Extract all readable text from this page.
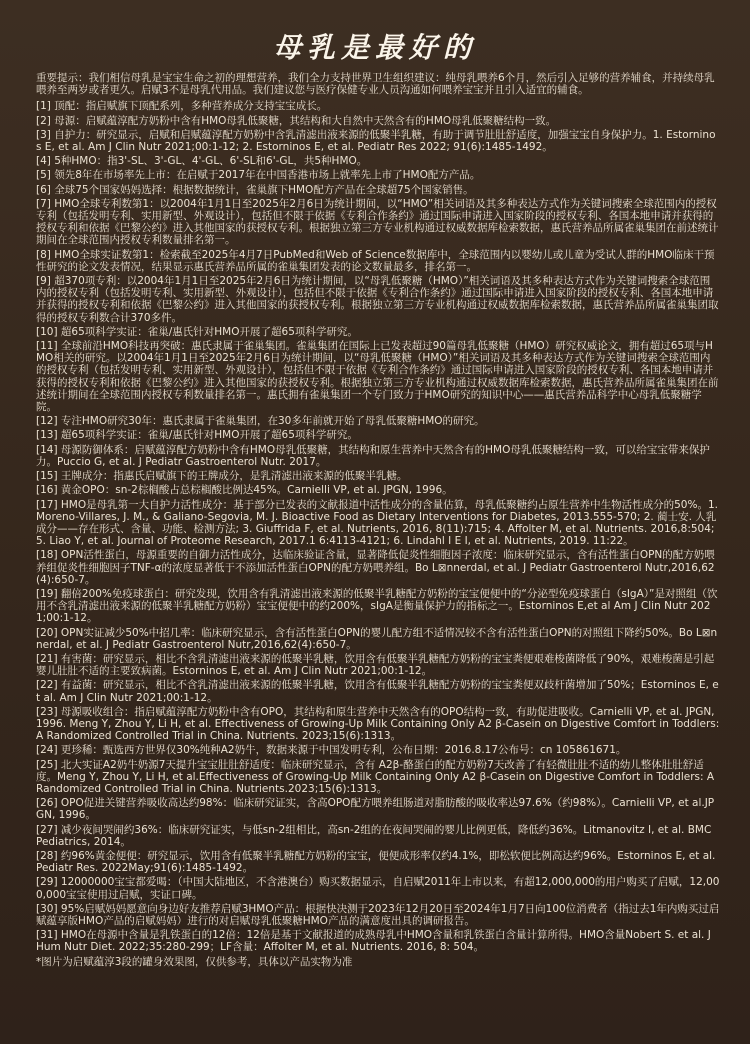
母乳是最好的

重要提示：我们相信母乳是宝宝生命之初的理想营养，我们全力支持世界卫生组织建议：纯母乳喂养6个月，然后引入足够的营养辅食，并持续母乳喂养至两岁或者更久。启赋3不是母乳代用品。我们建议您与医疗保健专业人员沟通如何喂养宝宝并且引入适宜的辅食。

[1] 顶配：指启赋旗下顶配系列，多种营养成分支持宝宝成长。

[2] 母源：启赋蕴淳配方奶粉中含有HMO母乳低聚糖，其结构和大自然中天然含有的HMO母乳低聚糖结构一致。

[3] 自护力：研究显示，启赋和启赋蕴淳配方奶粉中含乳清滤出液来源的低聚半乳糖，有助于调节肚肚舒适度，加强宝宝自身保护力。1. Estorninos E, et al. Am J Clin Nutr 2021;00:1-12; 2. Estorninos E, et al. Pediatr Res 2022; 91(6):1485-1492。

[4] 5种HMO：指3'-SL、3'-GL、4'-GL、6'-SL和6'-GL，共5种HMO。

[5] 领先8年在市场率先上市：在启赋于2017年在中国香港市场上就率先上市了HMO配方产品。

[6] 全球75个国家妈妈选择：根据数据统计，雀巢旗下HMO配方产品在全球超75个国家销售。

[7] HMO全球专利数第1：以2004年1月1日至2025年2月6日为统计期间，以“HMO”相关词语及其多种表达方式作为关键词搜索全球范围内的授权专利（包括发明专利、实用新型、外观设计），包括但不限于依据《专利合作条约》通过国际申请进入国家阶段的授权专利、各国本地申请并获得的授权专利和依据《巴黎公约》进入其他国家的获授权专利。根据独立第三方专业机构通过权威数据库检索数据，惠氏营养品所属雀巢集团在前述统计期间在全球范围内授权专利数量排名第一。

[8] HMO全球实证数第1：检索截至2025年4月7日PubMed和Web of Science数据库中，全球范围内以婴幼儿或儿童为受试人群的HMO临床干预性研究的论文发表情况，结果显示惠氏营养品所属的雀巢集团发表的论文数量最多，排名第一。

[9] 超370项专利：以2004年1月1日至2025年2月6日为统计期间，以“母乳低聚糖（HMO）”相关词语及其多种表达方式作为关键词搜索全球范围内的授权专利（包括发明专利、实用新型、外观设计），包括但不限于依据《专利合作条约》通过国际申请进入国家阶段的授权专利、各国本地申请并获得的授权专利和依据《巴黎公约》进入其他国家的获授权专利。根据独立第三方专业机构通过权威数据库检索数据，惠氏营养品所属雀巢集团取得的授权专利数合计370多件。

[10] 超65项科学实证：雀巢/惠氏针对HMO开展了超65项科学研究。

[11] 全球前沿HMO科技再突破：惠氏隶属于雀巢集团。雀巢集团在国际上已发表超过90篇母乳低聚糖（HMO）研究权威论文，拥有超过65项与HMO相关的研究。以2004年1月1日至2025年2月6日为统计期间，以“母乳低聚糖（HMO）”相关词语及其多种表达方式作为关键词搜索全球范围内的授权专利（包括发明专利、实用新型、外观设计），包括但不限于依据《专利合作条约》通过国际申请进入国家阶段的授权专利、各国本地申请并获得的授权专利和依据《巴黎公约》进入其他国家的获授权专利。根据独立第三方专业机构通过权威数据库检索数据，惠氏营养品所属雀巢集团在前述统计期间在全球范围内授权专利数量排名第一。惠氏拥有雀巢集团一个专门致力于HMO研究的知识中心——惠氏营养品科学中心母乳低聚糖学院。

[12] 专注HMO研究30年：惠氏隶属于雀巢集团，在30多年前就开始了母乳低聚糖HMO的研究。

[13] 超65项科学实证：雀巢/惠氏针对HMO开展了超65项科学研究。

[14] 母源防御体系：启赋蕴淳配方奶粉中含有HMO母乳低聚糖，其结构和原生营养中天然含有的HMO母乳低聚糖结构一致，可以给宝宝带来保护力。Puccio G, et al. J Pediatr Gastroenterol Nutr. 2017。

[15] 王牌成分：指惠氏启赋旗下的王牌成分，是乳清滤出液来源的低聚半乳糖。

[16] 黄金OPO：sn-2棕榈酸占总棕榈酸比例达45%。Carnielli VP, et al. JPGN, 1996。

[17] HMO是母乳第一大自护力活性成分：基于部分已发表的文献报道中活性成分的含量估算，母乳低聚糖约占原生营养中生物活性成分的50%。1. Moreno-Villares, J. M., & Galiano-Segovia, M. J. Bioactive Food as Dietary Interventions for Diabetes, 2013.555-570; 2. 蔺士安. 人乳成分——存在形式、含量、功能、检测方法; 3. Giuffrida F, et al. Nutrients, 2016, 8(11):715; 4. Affolter M, et al. Nutrients. 2016,8:504; 5. Liao Y, et al. Journal of Proteome Research, 2017.1 6:4113-4121; 6. Lindahl I E I, et al. Nutrients, 2019. 11:22。

[18] OPN活性蛋白，母源重要的自御力活性成分，达临床验证含量，显著降低促炎性细胞因子浓度：临床研究显示，含有活性蛋白OPN的配方奶喂养组促炎性细胞因子TNF-α的浓度显著低于不添加活性蛋白OPN的配方奶喂养组。Bo L⊠nnerdal, et al. J Pediatr Gastroenterol Nutr,2016,62(4):650-7。

[19] 翻倍200%免疫球蛋白：研究发现，饮用含有乳清滤出液来源的低聚半乳糖配方奶粉的宝宝便便中的“分泌型免疫球蛋白（sIgA）”是对照组（饮用不含乳清滤出液来源的低聚半乳糖配方奶粉）宝宝便便中的约200%，sIgA是衡量保护力的指标之一。Estorninos E,et al Am J Clin Nutr 2021;00:1-12。

[20] OPN实证减少50%中招几率：临床研究显示，含有活性蛋白OPN的婴儿配方组不适情况较不含有活性蛋白OPN的对照组下降约50%。Bo L⊠nnerdal, et al. J Pediatr Gastroenterol Nutr,2016,62(4):650-7。

[21] 有害菌：研究显示，相比不含乳清滤出液来源的低聚半乳糖，饮用含有低聚半乳糖配方奶粉的宝宝粪便艰难梭菌降低了90%，艰难梭菌是引起婴儿肚肚不适的主要致病菌。Estorninos E, et al. Am J Clin Nutr 2021;00:1-12。

[22] 有益菌：研究显示，相比不含乳清滤出液来源的低聚半乳糖，饮用含有低聚半乳糖配方奶粉的宝宝粪便双歧杆菌增加了50%；Estorninos E, et al. Am J Clin Nutr 2021;00:1-12。

[23] 母源吸收组合：指启赋蕴淳配方奶粉中含有OPO，其结构和原生营养中天然含有的OPO结构一致，有助促进吸收。Carnielli VP, et al. JPGN, 1996. Meng Y, Zhou Y, Li H, et al. Effectiveness of Growing-Up Milk Containing Only A2 β-Casein on Digestive Comfort in Toddlers: A Randomized Controlled Trial in China. Nutrients. 2023;15(6):1313。

[24] 更珍稀：甄选西方世界仅30%纯种A2奶牛，数据来源于中国发明专利，公布日期：2016.8.17公布号：cn 105861671。

[25] 北大实证A2奶牛奶源7天提升宝宝肚肚舒适度：临床研究显示，含有 A2β-酪蛋白的配方奶粉7天改善了有轻微肚肚不适的幼儿整体肚肚舒适度。Meng Y, Zhou Y, Li H, et al.Effectiveness of Growing-Up Milk Containing Only A2 β-Casein on Digestive Comfort in Toddlers: A Randomized Controlled Trial in China. Nutrients.2023;15(6):1313。

[26] OPO促进关键营养吸收高达约98%：临床研究证实，含高OPO配方喂养组肠道对脂肪酸的吸收率达97.6%（约98%）。Carnielli VP, et al.JPGN, 1996。

[27] 减少夜间哭闹约36%：临床研究证实，与低sn-2组相比，高sn-2组的在夜间哭闹的婴儿比例更低，降低约36%。Litmanovitz I, et al. BMC Pediatrics, 2014。

[28] 约96%黄金便便：研究显示，饮用含有低聚半乳糖配方奶粉的宝宝，便便成形率仅约4.1%，即松软便比例高达约96%。Estorninos E, et al. Pediatr Res. 2022May;91(6):1485-1492。

[29] 12000000宝宝都爱喝：（中国大陆地区，不含港澳台）购买数据显示，自启赋2011年上市以来，有超12,000,000的用户购买了启赋，12,000,000宝宝使用过启赋，实证口碑。

[30] 95%启赋妈妈愿意向身边好友推荐启赋3HMO产品：根据快决测于2023年12月20日至2024年1月7日向100位消费者（指过去1年内购买过启赋蕴享版HMO产品的启赋妈妈）进行的对启赋母乳低聚糖HMO产品的满意度出具的调研报告。

[31] HMO在母源中含量是乳铁蛋白的12倍：12倍是基于文献报道的成熟母乳中HMO含量和乳铁蛋白含量计算所得。HMO含量Nobert S. et al. J Hum Nutr Diet. 2022;35:280-299；LF含量：Affolter M, et al. Nutrients. 2016, 8: 504。

*图片为启赋蕴淳3段的罐身效果图，仅供参考，具体以产品实物为准
